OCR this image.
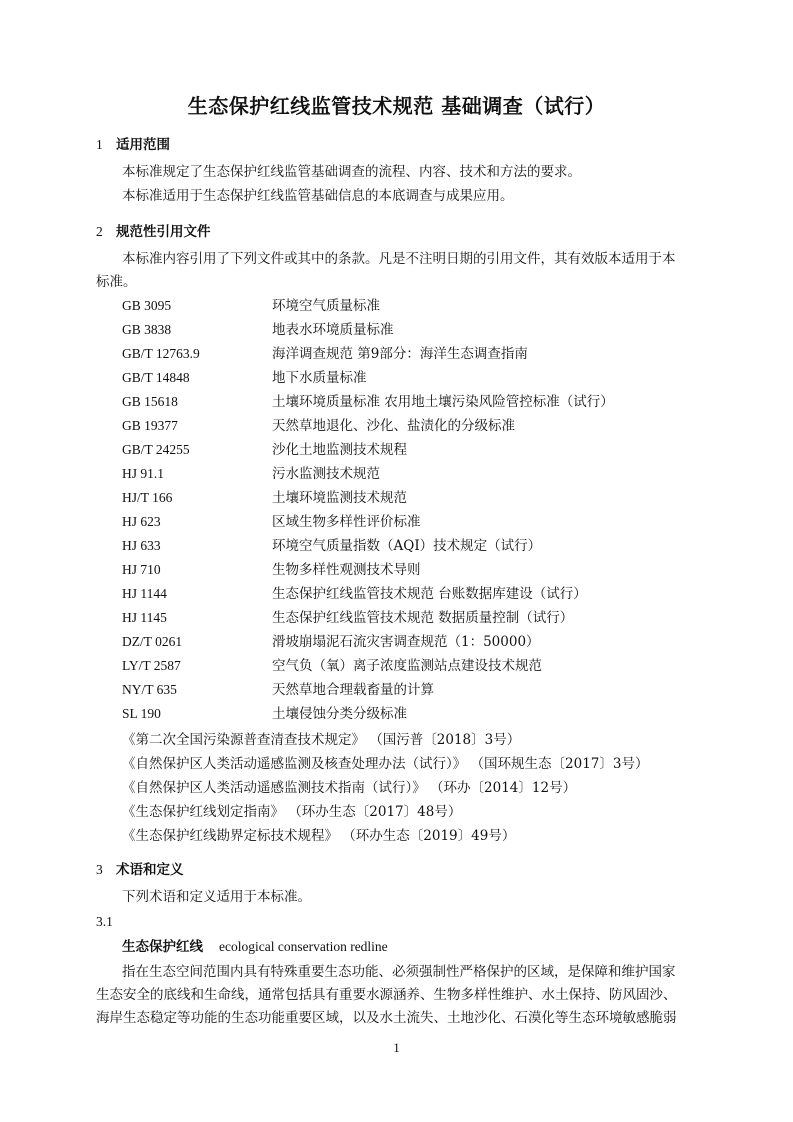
生态保护红线监管技术规范 基础调查（试行）
1 适用范围
本标准规定了生态保护红线监管基础调查的流程、内容、技术和方法的要求。
本标准适用于生态保护红线监管基础信息的本底调查与成果应用。
2 规范性引用文件
本标准内容引用了下列文件或其中的条款。凡是不注明日期的引用文件，其有效版本适用于本
标准。
GB 3095	环境空气质量标准
GB 3838	地表水环境质量标准
GB/T 12763.9	海洋调查规范 第9部分：海洋生态调查指南
GB/T 14848	地下水质量标准
GB 15618	土壤环境质量标准 农用地土壤污染风险管控标准（试行）
GB 19377	天然草地退化、沙化、盐渍化的分级标准
GB/T 24255	沙化土地监测技术规程
HJ 91.1	污水监测技术规范
HJ/T 166	土壤环境监测技术规范
HJ 623	区域生物多样性评价标准
HJ 633	环境空气质量指数（AQI）技术规定（试行）
HJ 710	生物多样性观测技术导则
HJ 1144	生态保护红线监管技术规范 台账数据库建设（试行）
HJ 1145	生态保护红线监管技术规范 数据质量控制（试行）
DZ/T 0261	滑坡崩塌泥石流灾害调查规范（1：50000）
LY/T 2587	空气负（氧）离子浓度监测站点建设技术规范
NY/T 635	天然草地合理载畜量的计算
SL 190	土壤侵蚀分类分级标准
《第二次全国污染源普查清查技术规定》 （国污普〔2018〕3号）
《自然保护区人类活动遥感监测及核查处理办法（试行）》 （国环规生态〔2017〕3号）
《自然保护区人类活动遥感监测技术指南（试行）》 （环办〔2014〕12号）
《生态保护红线划定指南》 （环办生态〔2017〕48号）
《生态保护红线勘界定标技术规程》 （环办生态〔2019〕49号）
3 术语和定义
下列术语和定义适用于本标准。
3.1
生态保护红线 ecological conservation redline
指在生态空间范围内具有特殊重要生态功能、必须强制性严格保护的区域，是保障和维护国家
生态安全的底线和生命线，通常包括具有重要水源涵养、生物多样性维护、水土保持、防风固沙、
海岸生态稳定等功能的生态功能重要区域，以及水土流失、土地沙化、石漠化等生态环境敏感脆弱
1
